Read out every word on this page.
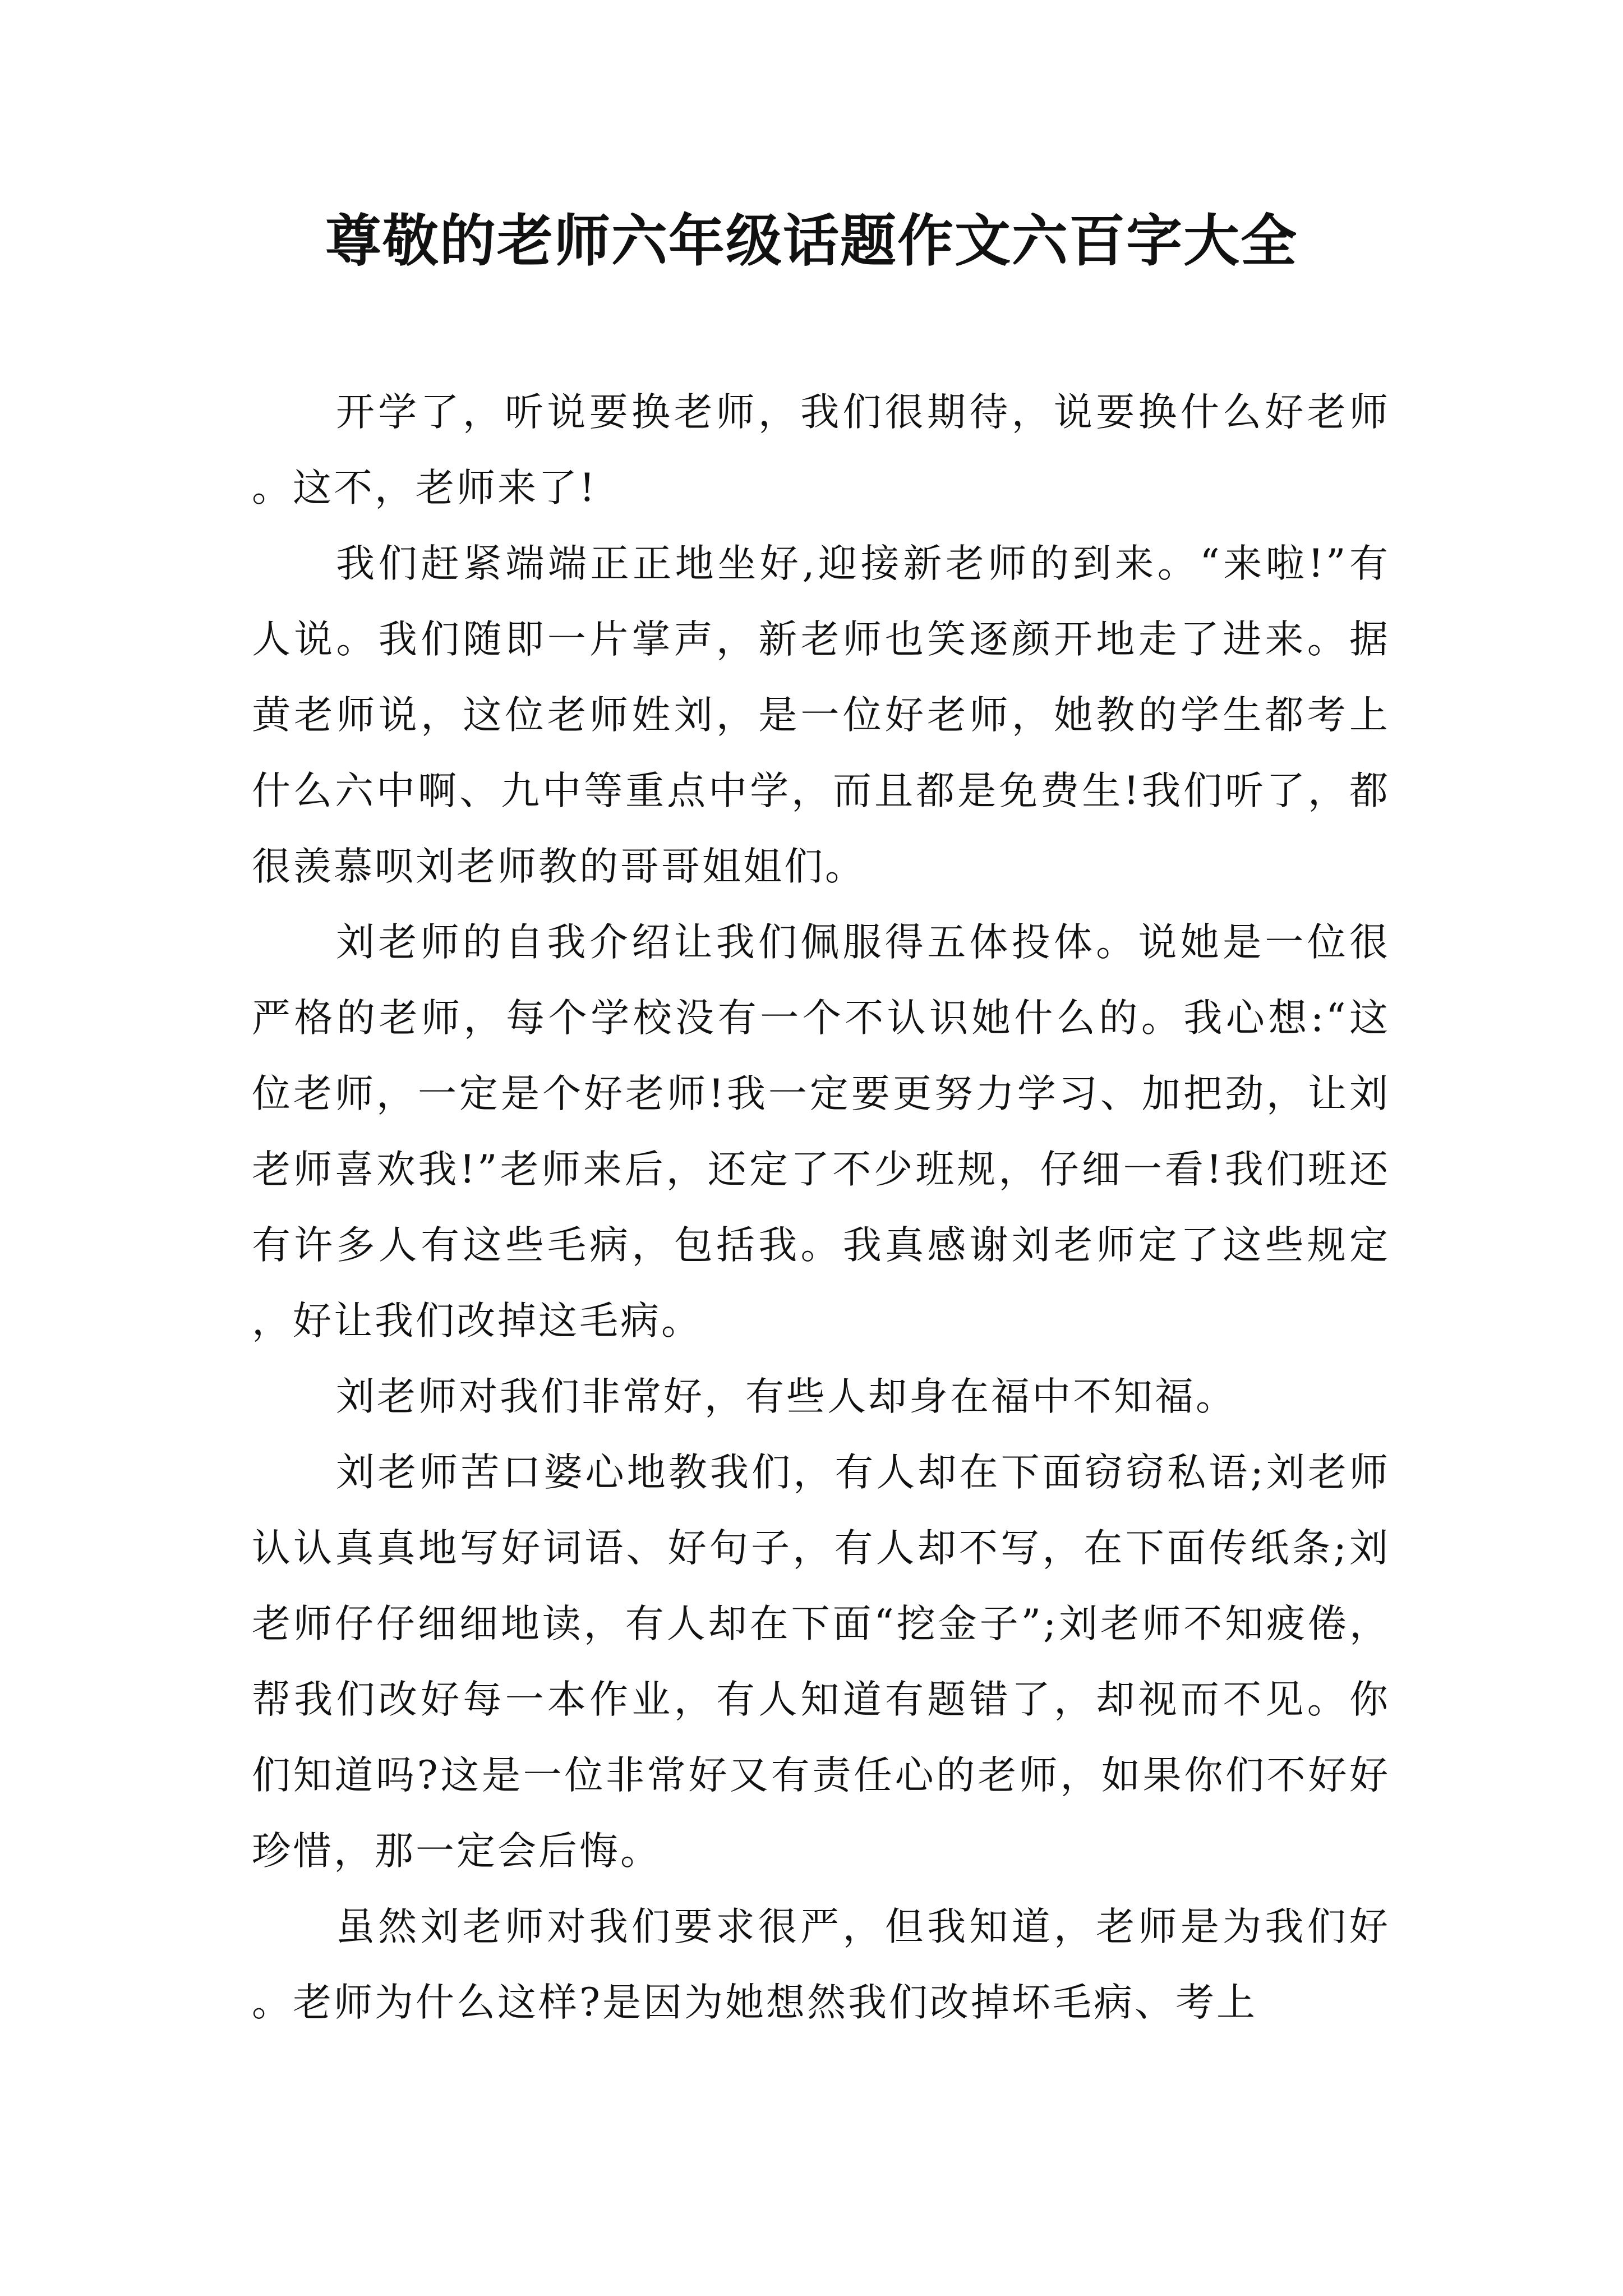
尊敬的老师六年级话题作文六百字大全

开学了，听说要换老师，我们很期待，说要换什么好老师。这不，老师来了!

我们赶紧端端正正地坐好,迎接新老师的到来。“来啦!”有人说。我们随即一片掌声，新老师也笑逐颜开地走了进来。据黄老师说，这位老师姓刘，是一位好老师，她教的学生都考上什么六中啊、九中等重点中学，而且都是免费生!我们听了，都很羡慕呗刘老师教的哥哥姐姐们。

刘老师的自我介绍让我们佩服得五体投体。说她是一位很严格的老师，每个学校没有一个不认识她什么的。我心想:“这位老师，一定是个好老师!我一定要更努力学习、加把劲，让刘老师喜欢我!”老师来后，还定了不少班规，仔细一看!我们班还有许多人有这些毛病，包括我。我真感谢刘老师定了这些规定，好让我们改掉这毛病。

刘老师对我们非常好，有些人却身在福中不知福。

刘老师苦口婆心地教我们，有人却在下面窃窃私语;刘老师认认真真地写好词语、好句子，有人却不写，在下面传纸条;刘老师仔仔细细地读，有人却在下面“挖金子”;刘老师不知疲倦，帮我们改好每一本作业，有人知道有题错了，却视而不见。你们知道吗?这是一位非常好又有责任心的老师，如果你们不好好珍惜，那一定会后悔。

虽然刘老师对我们要求很严，但我知道，老师是为我们好。老师为什么这样?是因为她想然我们改掉坏毛病、考上
